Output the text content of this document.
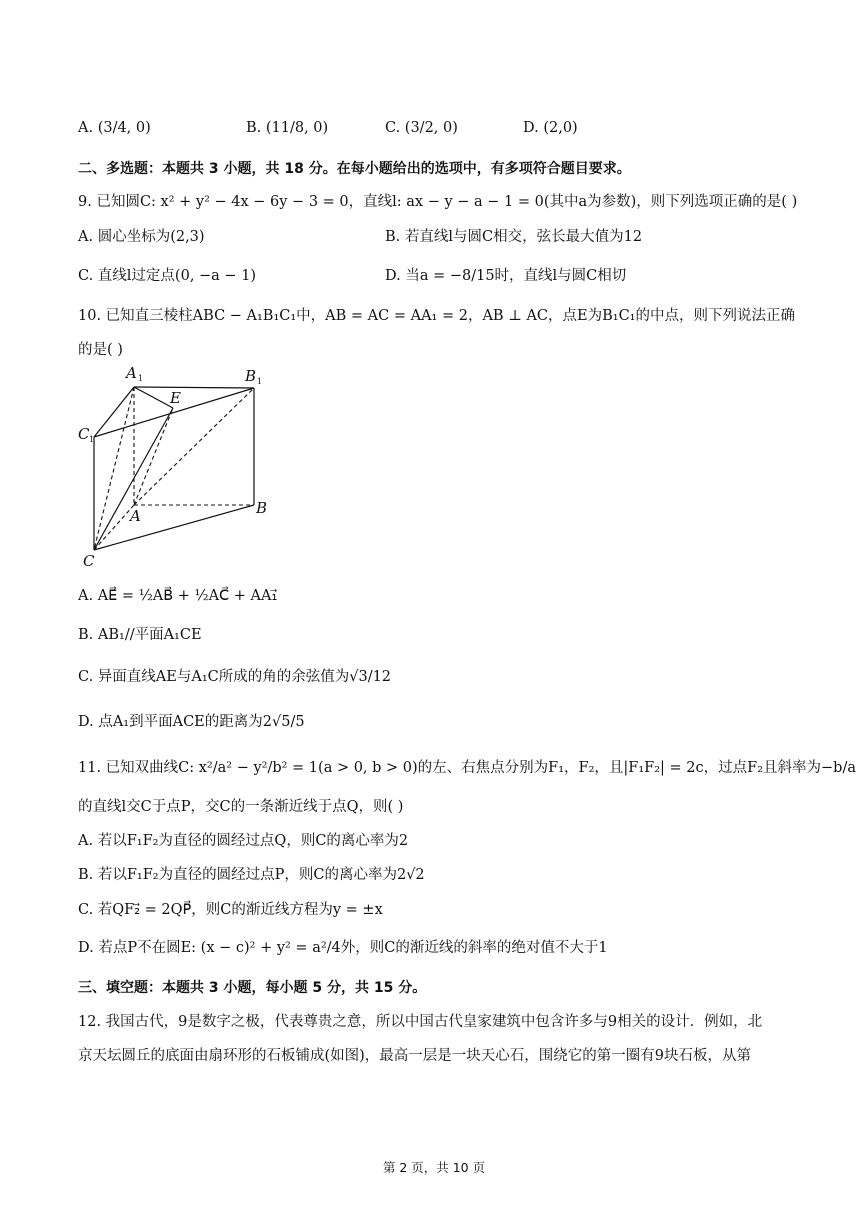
A. (3/4, 0)	B. (11/8, 0)	C. (3/2, 0)	D. (2,0)
二、多选题：本题共 3 小题，共 18 分。在每小题给出的选项中，有多项符合题目要求。
9. 已知圆C: x² + y² − 4x − 6y − 3 = 0，直线l: ax − y − a − 1 = 0(其中a为参数)，则下列选项正确的是( )
A. 圆心坐标为(2,3)	B. 若直线l与圆C相交，弦长最大值为12
C. 直线l过定点(0, −a − 1)	D. 当a = −8/15时，直线l与圆C相切
10. 已知直三棱柱ABC − A₁B₁C₁中，AB = AC = AA₁ = 2，AB ⊥ AC，点E为B₁C₁的中点，则下列说法正确
的是( )
A 1	B 1
C 1
E
A	B
C
A. AE⃗ = ½AB⃗ + ½AC⃗ + AA₁⃗
B. AB₁//平面A₁CE
C. 异面直线AE与A₁C所成的角的余弦值为√3/12
D. 点A₁到平面ACE的距离为2√5/5
11. 已知双曲线C: x²/a² − y²/b² = 1(a > 0, b > 0)的左、右焦点分别为F₁，F₂，且|F₁F₂| = 2c，过点F₂且斜率为−b/a
的直线l交C于点P，交C的一条渐近线于点Q，则( )
A. 若以F₁F₂为直径的圆经过点Q，则C的离心率为2
B. 若以F₁F₂为直径的圆经过点P，则C的离心率为2√2
C. 若QF₂⃗ = 2QP⃗，则C的渐近线方程为y = ±x
D. 若点P不在圆E: (x − c)² + y² = a²/4外，则C的渐近线的斜率的绝对值不大于1
三、填空题：本题共 3 小题，每小题 5 分，共 15 分。
12. 我国古代，9是数字之极，代表尊贵之意，所以中国古代皇家建筑中包含许多与9相关的设计．例如，北
京天坛圆丘的底面由扇环形的石板铺成(如图)，最高一层是一块天心石，围绕它的第一圈有9块石板，从第
第 2 页，共 10 页
